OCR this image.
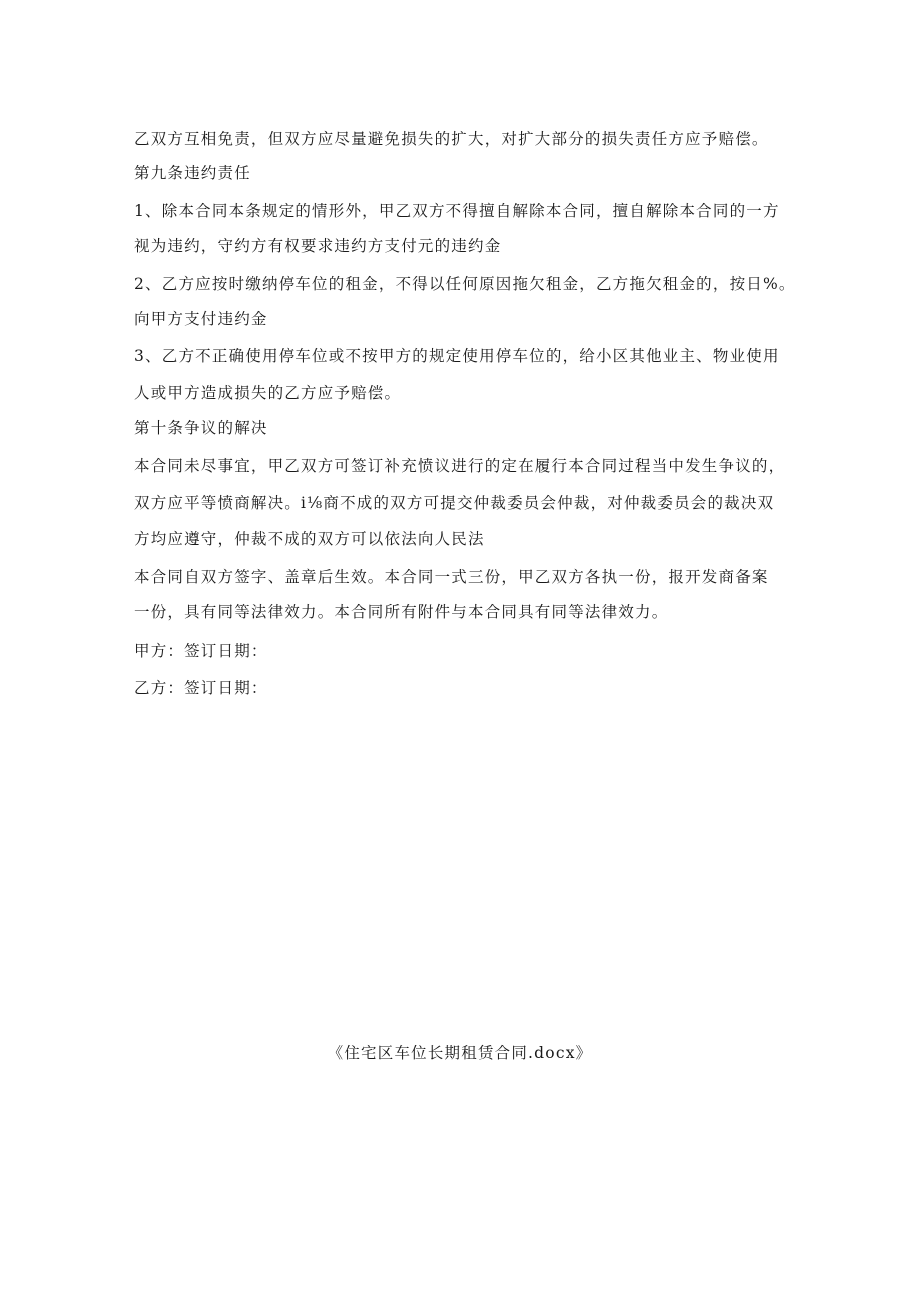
乙双方互相免责，但双方应尽量避免损失的扩大，对扩大部分的损失责任方应予赔偿。

第九条违约责任

1、除本合同本条规定的情形外，甲乙双方不得擅自解除本合同，擅自解除本合同的一方

视为违约，守约方有权要求违约方支付元的违约金

2、乙方应按时缴纳停车位的租金，不得以任何原因拖欠租金，乙方拖欠租金的，按日%。

向甲方支付违约金

3、乙方不正确使用停车位或不按甲方的规定使用停车位的，给小区其他业主、物业使用

人或甲方造成损失的乙方应予赔偿。

第十条争议的解决

本合同未尽事宜，甲乙双方可签订补充愤议进行的定在履行本合同过程当中发生争议的，

双方应平等愤商解决。i⅛商不成的双方可提交仲裁委员会仲裁，对仲裁委员会的裁决双

方均应遵守，仲裁不成的双方可以依法向人民法

本合同自双方签字、盖章后生效。本合同一式三份，甲乙双方各执一份，报开发商备案

一份，具有同等法律效力。本合同所有附件与本合同具有同等法律效力。

甲方：签订日期：

乙方：签订日期：

《住宅区车位长期租赁合同.docx》
